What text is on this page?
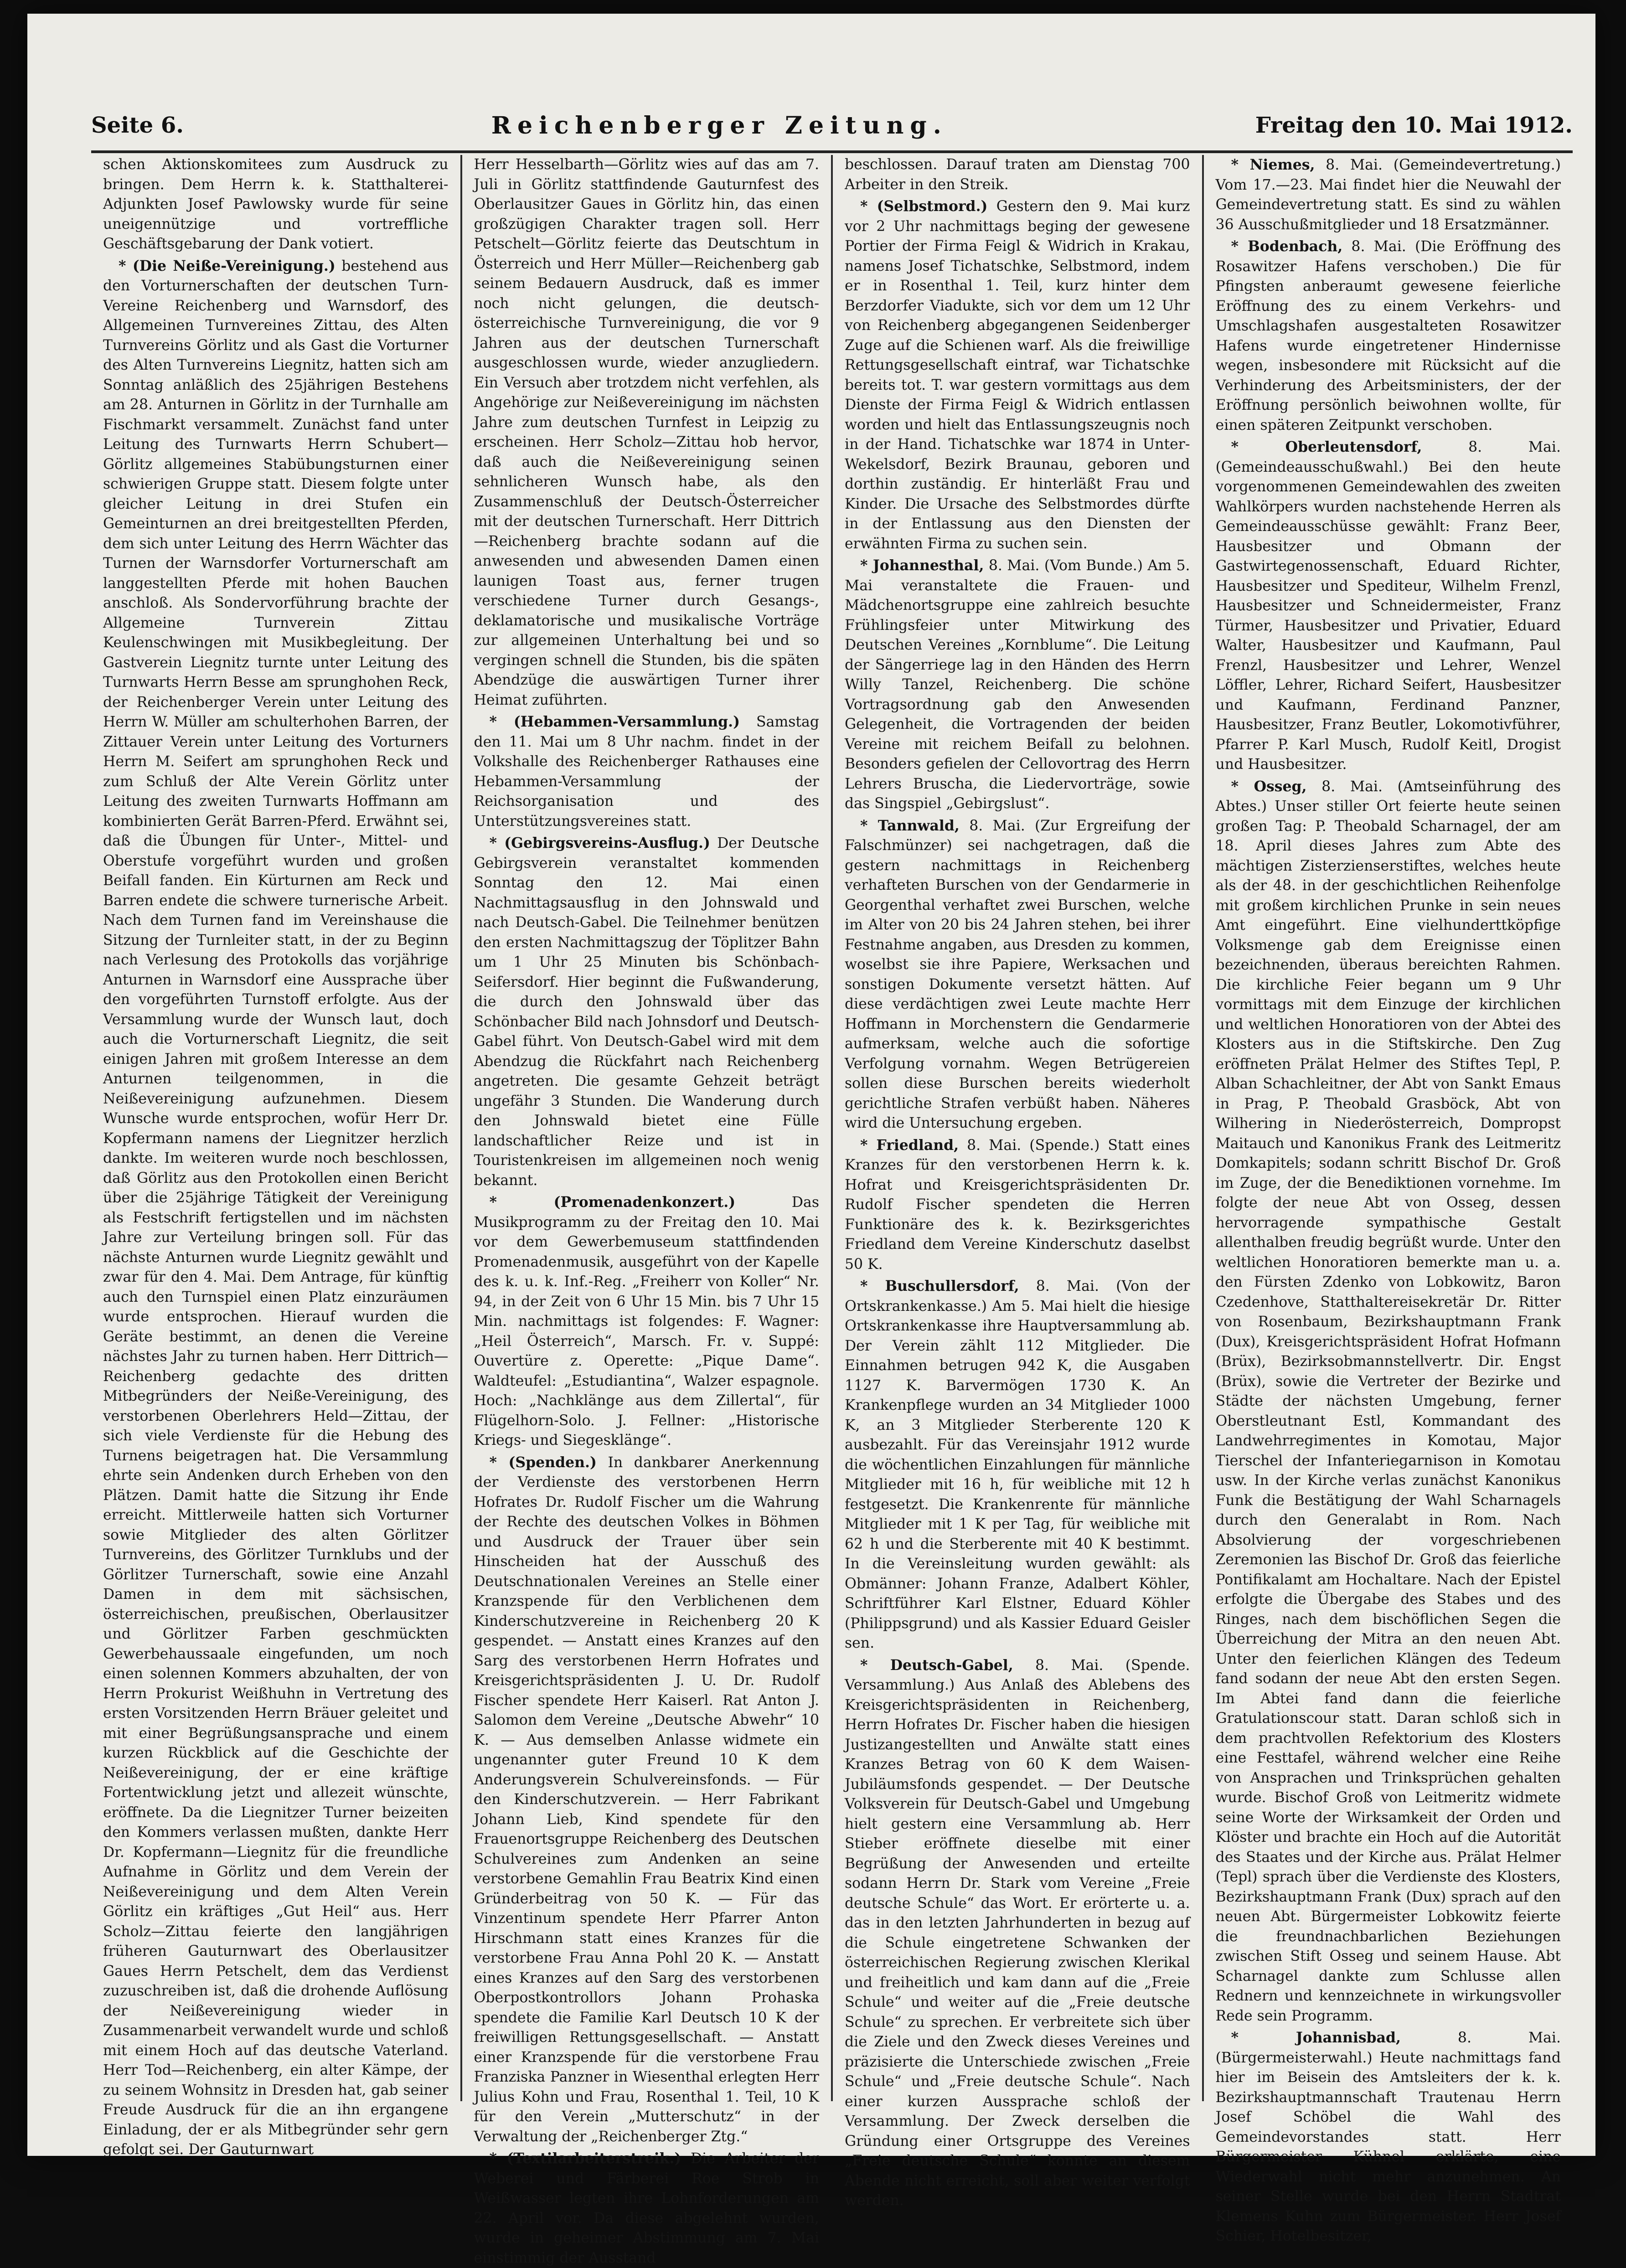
Seite 6.	Reichenberger Zeitung.	Freitag den 10. Mai 1912.

schen Aktionskomitees zum Ausdruck zu bringen. Dem Herrn k. k. Statthalterei-Adjunkten Josef Pawlowsky wurde für seine uneigennützige und vortreffliche Geschäftsgebarung der Dank votiert.

* (Die Neiße-Vereinigung.) bestehend aus den Vorturnerschaften der deutschen Turn-Vereine Reichenberg und Warnsdorf, des Allgemeinen Turnvereines Zittau, des Alten Turnvereins Görlitz und als Gast die Vorturner des Alten Turnvereins Liegnitz, hatten sich am Sonntag anläßlich des 25jährigen Bestehens am 28. Anturnen in Görlitz in der Turnhalle am Fischmarkt versammelt. Zunächst fand unter Leitung des Turnwarts Herrn Schubert—Görlitz allgemeines Stabübungsturnen einer schwierigen Gruppe statt. Diesem folgte unter gleicher Leitung in drei Stufen ein Gemeinturnen an drei breitgestellten Pferden, dem sich unter Leitung des Herrn Wächter das Turnen der Warnsdorfer Vorturnerschaft am langgestellten Pferde mit hohen Bauchen anschloß. Als Sondervorführung brachte der Allgemeine Turnverein Zittau Keulenschwingen mit Musikbegleitung. Der Gastverein Liegnitz turnte unter Leitung des Turnwarts Herrn Besse am sprunghohen Reck, der Reichenberger Verein unter Leitung des Herrn W. Müller am schulterhohen Barren, der Zittauer Verein unter Leitung des Vorturners Herrn M. Seifert am sprunghohen Reck und zum Schluß der Alte Verein Görlitz unter Leitung des zweiten Turnwarts Hoffmann am kombinierten Gerät Barren-Pferd. Erwähnt sei, daß die Übungen für Unter-, Mittel- und Oberstufe vorgeführt wurden und großen Beifall fanden. Ein Kürturnen am Reck und Barren endete die schwere turnerische Arbeit. Nach dem Turnen fand im Vereinshause die Sitzung der Turnleiter statt, in der zu Beginn nach Verlesung des Protokolls das vorjährige Anturnen in Warnsdorf eine Aussprache über den vorgeführten Turnstoff erfolgte. Aus der Versammlung wurde der Wunsch laut, doch auch die Vorturnerschaft Liegnitz, die seit einigen Jahren mit großem Interesse an dem Anturnen teilgenommen, in die Neißevereinigung aufzunehmen. Diesem Wunsche wurde entsprochen, wofür Herr Dr. Kopfermann namens der Liegnitzer herzlich dankte. Im weiteren wurde noch beschlossen, daß Görlitz aus den Protokollen einen Bericht über die 25jährige Tätigkeit der Vereinigung als Festschrift fertigstellen und im nächsten Jahre zur Verteilung bringen soll. Für das nächste Anturnen wurde Liegnitz gewählt und zwar für den 4. Mai. Dem Antrage, für künftig auch den Turnspiel einen Platz einzuräumen wurde entsprochen. Hierauf wurden die Geräte bestimmt, an denen die Vereine nächstes Jahr zu turnen haben. Herr Dittrich—Reichenberg gedachte des dritten Mitbegründers der Neiße-Vereinigung, des verstorbenen Oberlehrers Held—Zittau, der sich viele Verdienste für die Hebung des Turnens beigetragen hat. Die Versammlung ehrte sein Andenken durch Erheben von den Plätzen. Damit hatte die Sitzung ihr Ende erreicht. Mittlerweile hatten sich Vorturner sowie Mitglieder des alten Görlitzer Turnvereins, des Görlitzer Turnklubs und der Görlitzer Turnerschaft, sowie eine Anzahl Damen in dem mit sächsischen, österreichischen, preußischen, Oberlausitzer und Görlitzer Farben geschmückten Gewerbehaussaale eingefunden, um noch einen solennen Kommers abzuhalten, der von Herrn Prokurist Weißhuhn in Vertretung des ersten Vorsitzenden Herrn Bräuer geleitet und mit einer Begrüßungsansprache und einem kurzen Rückblick auf die Geschichte der Neißevereinigung, der er eine kräftige Fortentwicklung jetzt und allezeit wünschte, eröffnete. Da die Liegnitzer Turner beizeiten den Kommers verlassen mußten, dankte Herr Dr. Kopfermann—Liegnitz für die freundliche Aufnahme in Görlitz und dem Verein der Neißevereinigung und dem Alten Verein Görlitz ein kräftiges „Gut Heil“ aus. Herr Scholz—Zittau feierte den langjährigen früheren Gauturnwart des Oberlausitzer Gaues Herrn Petschelt, dem das Verdienst zuzuschreiben ist, daß die drohende Auflösung der Neißevereinigung wieder in Zusammenarbeit verwandelt wurde und schloß mit einem Hoch auf das deutsche Vaterland. Herr Tod—Reichenberg, ein alter Kämpe, der zu seinem Wohnsitz in Dresden hat, gab seiner Freude Ausdruck für die an ihn ergangene Einladung, der er als Mitbegründer sehr gern gefolgt sei. Der Gauturnwart

Herr Hesselbarth—Görlitz wies auf das am 7. Juli in Görlitz stattfindende Gauturnfest des Oberlausitzer Gaues in Görlitz hin, das einen großzügigen Charakter tragen soll. Herr Petschelt—Görlitz feierte das Deutschtum in Österreich und Herr Müller—Reichenberg gab seinem Bedauern Ausdruck, daß es immer noch nicht gelungen, die deutsch-österreichische Turnvereinigung, die vor 9 Jahren aus der deutschen Turnerschaft ausgeschlossen wurde, wieder anzugliedern. Ein Versuch aber trotzdem nicht verfehlen, als Angehörige zur Neißevereinigung im nächsten Jahre zum deutschen Turnfest in Leipzig zu erscheinen. Herr Scholz—Zittau hob hervor, daß auch die Neißevereinigung seinen sehnlicheren Wunsch habe, als den Zusammenschluß der Deutsch-Österreicher mit der deutschen Turnerschaft. Herr Dittrich—Reichenberg brachte sodann auf die anwesenden und abwesenden Damen einen launigen Toast aus, ferner trugen verschiedene Turner durch Gesangs-, deklamatorische und musikalische Vorträge zur allgemeinen Unterhaltung bei und so vergingen schnell die Stunden, bis die späten Abendzüge die auswärtigen Turner ihrer Heimat zuführten.

* (Hebammen-Versammlung.) Samstag den 11. Mai um 8 Uhr nachm. findet in der Volkshalle des Reichenberger Rathauses eine Hebammen-Versammlung der Reichsorganisation und des Unterstützungsvereines statt.

* (Gebirgsvereins-Ausflug.) Der Deutsche Gebirgsverein veranstaltet kommenden Sonntag den 12. Mai einen Nachmittagsausflug in den Johnswald und nach Deutsch-Gabel. Die Teilnehmer benützen den ersten Nachmittagszug der Töplitzer Bahn um 1 Uhr 25 Minuten bis Schönbach-Seifersdorf. Hier beginnt die Fußwanderung, die durch den Johnswald über das Schönbacher Bild nach Johnsdorf und Deutsch-Gabel führt. Von Deutsch-Gabel wird mit dem Abendzug die Rückfahrt nach Reichenberg angetreten. Die gesamte Gehzeit beträgt ungefähr 3 Stunden. Die Wanderung durch den Johnswald bietet eine Fülle landschaftlicher Reize und ist in Touristenkreisen im allgemeinen noch wenig bekannt.

* (Promenadenkonzert.)	Das Musikprogramm zu der Freitag den 10. Mai vor dem Gewerbemuseum stattfindenden Promenadenmusik, ausgeführt von der Kapelle des k. u. k. Inf.-Reg. „Freiherr von Koller“ Nr. 94, in der Zeit von 6 Uhr 15 Min. bis 7 Uhr 15 Min. nachmittags ist folgendes: F. Wagner: „Heil Österreich“, Marsch. Fr. v. Suppé: Ouvertüre z. Operette: „Pique Dame“. Waldteufel: „Estudiantina“, Walzer espagnole. Hoch: „Nachklänge aus dem Zillertal“, für Flügelhorn-Solo. J. Fellner: „Historische Kriegs- und Siegesklänge“.

* (Spenden.) In dankbarer Anerkennung der Verdienste des verstorbenen Herrn Hofrates Dr. Rudolf Fischer um die Wahrung der Rechte des deutschen Volkes in Böhmen und Ausdruck der Trauer über sein Hinscheiden hat der Ausschuß des Deutschnationalen Vereines an Stelle einer Kranzspende für den Verblichenen dem Kinderschutzvereine in Reichenberg 20 K gespendet. — Anstatt eines Kranzes auf den Sarg des verstorbenen Herrn Hofrates und Kreisgerichtspräsidenten J. U. Dr. Rudolf Fischer spendete Herr Kaiserl. Rat Anton J. Salomon dem Vereine „Deutsche Abwehr“ 10 K. — Aus demselben Anlasse widmete ein ungenannter guter Freund 10 K dem Anderungsverein Schulvereinsfonds. — Für den Kinderschutzverein. — Herr Fabrikant Johann Lieb, Kind spendete für den Frauenortsgruppe Reichenberg des Deutschen Schulvereines zum Andenken an seine verstorbene Gemahlin Frau Beatrix Kind einen Gründerbeitrag von 50 K. — Für das Vinzentinum spendete Herr Pfarrer Anton Hirschmann statt eines Kranzes für die verstorbene Frau Anna Pohl 20 K. — Anstatt eines Kranzes auf den Sarg des verstorbenen Oberpostkontrollors Johann Prohaska spendete die Familie Karl Deutsch 10 K der freiwilligen Rettungsgesellschaft. — Anstatt einer Kranzspende für die verstorbene Frau Franziska Panzner in Wiesenthal erlegten Herr Julius Kohn und Frau, Rosenthal 1. Teil, 10 K für den Verein „Mutterschutz“ in der Verwaltung der „Reichenberger Ztg.“

* (Textilarbeiterstreik.) Die Arbeiter der Weberei und Färberei Roe Strob in Weißwasser legten ihre Lohnforderungen am 22. April vor. Da diese abgelehnt wurden, wurde in geheimer Abstimmung am 7. Mai einstimmig der Ausstand

beschlossen. Darauf traten am Dienstag 700 Arbeiter in den Streik.

* (Selbstmord.) Gestern den 9. Mai kurz vor 2 Uhr nachmittags beging der gewesene Portier der Firma Feigl & Widrich in Krakau, namens Josef Tichatschke, Selbstmord, indem er in Rosenthal 1. Teil, kurz hinter dem Berzdorfer Viadukte, sich vor dem um 12 Uhr von Reichenberg abgegangenen Seidenberger Zuge auf die Schienen warf. Als die freiwillige Rettungsgesellschaft eintraf, war Tichatschke bereits tot. T. war gestern vormittags aus dem Dienste der Firma Feigl & Widrich entlassen worden und hielt das Entlassungszeugnis noch in der Hand. Tichatschke war 1874 in Unter-Wekelsdorf, Bezirk Braunau, geboren und dorthin zuständig. Er hinterläßt Frau und Kinder. Die Ursache des Selbstmordes dürfte in der Entlassung aus den Diensten der erwähnten Firma zu suchen sein.

* Johannesthal, 8. Mai. (Vom Bunde.) Am 5. Mai veranstaltete die Frauen- und Mädchenortsgruppe eine zahlreich besuchte Frühlingsfeier unter Mitwirkung des Deutschen Vereines „Kornblume“. Die Leitung der Sängerriege lag in den Händen des Herrn Willy Tanzel, Reichenberg. Die schöne Vortragsordnung gab den Anwesenden Gelegenheit, die Vortragenden der beiden Vereine mit reichem Beifall zu belohnen. Besonders gefielen der Cellovortrag des Herrn Lehrers Bruscha, die Liedervorträge, sowie das Singspiel „Gebirgslust“.

* Tannwald, 8. Mai. (Zur Ergreifung der Falschmünzer) sei nachgetragen, daß die gestern nachmittags in Reichenberg verhafteten Burschen von der Gendarmerie in Georgenthal verhaftet zwei Burschen, welche im Alter von 20 bis 24 Jahren stehen, bei ihrer Festnahme angaben, aus Dresden zu kommen, woselbst sie ihre Papiere, Werksachen und sonstigen Dokumente versetzt hätten. Auf diese verdächtigen zwei Leute machte Herr Hoffmann in Morchenstern die Gendarmerie aufmerksam, welche auch die sofortige Verfolgung vornahm. Wegen Betrügereien sollen diese Burschen bereits wiederholt gerichtliche Strafen verbüßt haben. Näheres wird die Untersuchung ergeben.

* Friedland, 8. Mai. (Spende.) Statt eines Kranzes für den verstorbenen Herrn k. k. Hofrat und Kreisgerichtspräsidenten Dr. Rudolf Fischer spendeten die Herren Funktionäre des k. k. Bezirksgerichtes Friedland dem Vereine Kinderschutz daselbst 50 K.

* Buschullersdorf, 8. Mai. (Von der Ortskrankenkasse.) Am 5. Mai hielt die hiesige Ortskrankenkasse ihre Hauptversammlung ab. Der Verein zählt 112 Mitglieder. Die Einnahmen betrugen 942 K, die Ausgaben 1127 K. Barvermögen 1730 K. An Krankenpflege wurden an 34 Mitglieder 1000 K, an 3 Mitglieder Sterberente 120 K ausbezahlt. Für das Vereinsjahr 1912 wurde die wöchentlichen Einzahlungen für männliche Mitglieder mit 16 h, für weibliche mit 12 h festgesetzt. Die Krankenrente für männliche Mitglieder mit 1 K per Tag, für weibliche mit 62 h und die Sterberente mit 40 K bestimmt. In die Vereinsleitung wurden gewählt: als Obmänner: Johann Franze, Adalbert Köhler, Schriftführer Karl Elstner, Eduard Köhler (Philippsgrund) und als Kassier Eduard Geisler sen.

* Deutsch-Gabel, 8. Mai. (Spende. Versammlung.) Aus Anlaß des Ablebens des Kreisgerichtspräsidenten in Reichenberg, Herrn Hofrates Dr. Fischer haben die hiesigen Justizangestellten und Anwälte statt eines Kranzes Betrag von 60 K dem Waisen-Jubiläumsfonds gespendet. — Der Deutsche Volksverein für Deutsch-Gabel und Umgebung hielt gestern eine Versammlung ab. Herr Stieber eröffnete dieselbe mit einer Begrüßung der Anwesenden und erteilte sodann Herrn Dr. Stark vom Vereine „Freie deutsche Schule“ das Wort. Er erörterte u. a. das in den letzten Jahrhunderten in bezug auf die Schule eingetretene Schwanken der österreichischen Regierung zwischen Klerikal und freiheitlich und kam dann auf die „Freie Schule“ und weiter auf die „Freie deutsche Schule“ zu sprechen. Er verbreitete sich über die Ziele und den Zweck dieses Vereines und präzisierte die Unterschiede zwischen „Freie Schule“ und „Freie deutsche Schule“. Nach einer kurzen Aussprache schloß der Versammlung. Der Zweck derselben die Gründung einer Ortsgruppe des Vereines „Freie deutsche Schule“ konnte an diesem Abende nicht erreicht, soll aber weiter verfolgt werden.

* Niemes, 8. Mai. (Gemeindevertretung.) Vom 17.—23. Mai findet hier die Neuwahl der Gemeindevertretung statt. Es sind zu wählen 36 Ausschußmitglieder und 18 Ersatzmänner.

* Bodenbach, 8. Mai. (Die Eröffnung des Rosawitzer Hafens verschoben.) Die für Pfingsten anberaumt gewesene feierliche Eröffnung des zu einem Verkehrs- und Umschlagshafen ausgestalteten Rosawitzer Hafens wurde eingetretener Hindernisse wegen, insbesondere mit Rücksicht auf die Verhinderung des Arbeitsministers, der der Eröffnung persönlich beiwohnen wollte, für einen späteren Zeitpunkt verschoben.

* Oberleutensdorf,	8. Mai. (Gemeindeausschußwahl.) Bei den heute vorgenommenen Gemeindewahlen des zweiten Wahlkörpers wurden nachstehende Herren als Gemeindeausschüsse gewählt: Franz Beer, Hausbesitzer und Obmann der Gastwirtegenossenschaft, Eduard Richter, Hausbesitzer und Spediteur, Wilhelm Frenzl, Hausbesitzer und Schneidermeister, Franz Türmer, Hausbesitzer und Privatier, Eduard Walter, Hausbesitzer und Kaufmann, Paul Frenzl, Hausbesitzer und Lehrer, Wenzel Löffler, Lehrer, Richard Seifert, Hausbesitzer und Kaufmann, Ferdinand Panzner, Hausbesitzer, Franz Beutler, Lokomotivführer, Pfarrer P. Karl Musch, Rudolf Keitl, Drogist und Hausbesitzer.

* Osseg, 8. Mai. (Amtseinführung des Abtes.) Unser stiller Ort feierte heute seinen großen Tag: P. Theobald Scharnagel, der am 18. April dieses Jahres zum Abte des mächtigen Zisterzienserstiftes, welches heute als der 48. in der geschichtlichen Reihenfolge mit großem kirchlichen Prunke in sein neues Amt eingeführt. Eine vielhunderttköpfige Volksmenge gab dem Ereignisse einen bezeichnenden, überaus bereichten Rahmen. Die kirchliche Feier begann um 9 Uhr vormittags mit dem Einzuge der kirchlichen und weltlichen Honoratioren von der Abtei des Klosters aus in die Stiftskirche. Den Zug eröffneten Prälat Helmer des Stiftes Tepl, P. Alban Schachleitner, der Abt von Sankt Emaus in Prag, P. Theobald Grasböck, Abt von Wilhering in Niederösterreich, Dompropst Maitauch und Kanonikus Frank des Leitmeritz Domkapitels; sodann schritt Bischof Dr. Groß im Zuge, der die Benediktionen vornehme. Im folgte der neue Abt von Osseg, dessen hervorragende sympathische Gestalt allenthalben freudig begrüßt wurde. Unter den weltlichen Honoratioren bemerkte man u. a. den Fürsten Zdenko von Lobkowitz, Baron Czedenhove, Statthaltereisekretär Dr. Ritter von Rosenbaum, Bezirkshauptmann Frank (Dux), Kreisgerichtspräsident Hofrat Hofmann (Brüx), Bezirksobmannstellvertr. Dir. Engst (Brüx), sowie die Vertreter der Bezirke und Städte der nächsten Umgebung, ferner Oberstleutnant Estl, Kommandant des Landwehrregimentes in Komotau, Major Tierschel der Infanteriegarnison in Komotau usw. In der Kirche verlas zunächst Kanonikus Funk die Bestätigung der Wahl Scharnagels durch den Generalabt in Rom. Nach Absolvierung der vorgeschriebenen Zeremonien las Bischof Dr. Groß das feierliche Pontifikalamt am Hochaltare. Nach der Epistel erfolgte die Übergabe des Stabes und des Ringes, nach dem bischöflichen Segen die Überreichung der Mitra an den neuen Abt. Unter den feierlichen Klängen des Tedeum fand sodann der neue Abt den ersten Segen. Im Abtei fand dann die feierliche Gratulationscour statt. Daran schloß sich in dem prachtvollen Refektorium des Klosters eine Festtafel, während welcher eine Reihe von Ansprachen und Trinksprüchen gehalten wurde. Bischof Groß von Leitmeritz widmete seine Worte der Wirksamkeit der Orden und Klöster und brachte ein Hoch auf die Autorität des Staates und der Kirche aus. Prälat Helmer (Tepl) sprach über die Verdienste des Klosters, Bezirkshauptmann Frank (Dux) sprach auf den neuen Abt. Bürgermeister Lobkowitz feierte die freundnachbarlichen Beziehungen zwischen Stift Osseg und seinem Hause. Abt Scharnagel dankte zum Schlusse allen Rednern und kennzeichnete in wirkungsvoller Rede sein Programm.

* Johannisbad,	8. Mai. (Bürgermeisterwahl.) Heute nachmittags fand hier im Beisein des Amtsleiters der k. k. Bezirkshauptmannschaft Trautenau Herrn Josef Schöbel die Wahl des Gemeindevorstandes statt. Herr Bürgermeister Kühnel erklärte, eine Wiederwahl nicht mehr anzunehmen. An seiner Stelle wurde bei den Herrn Stadtrat Klemens Kuhn zum Bürgermeister. Herr Josef Schier, Hotelbesitzer,
